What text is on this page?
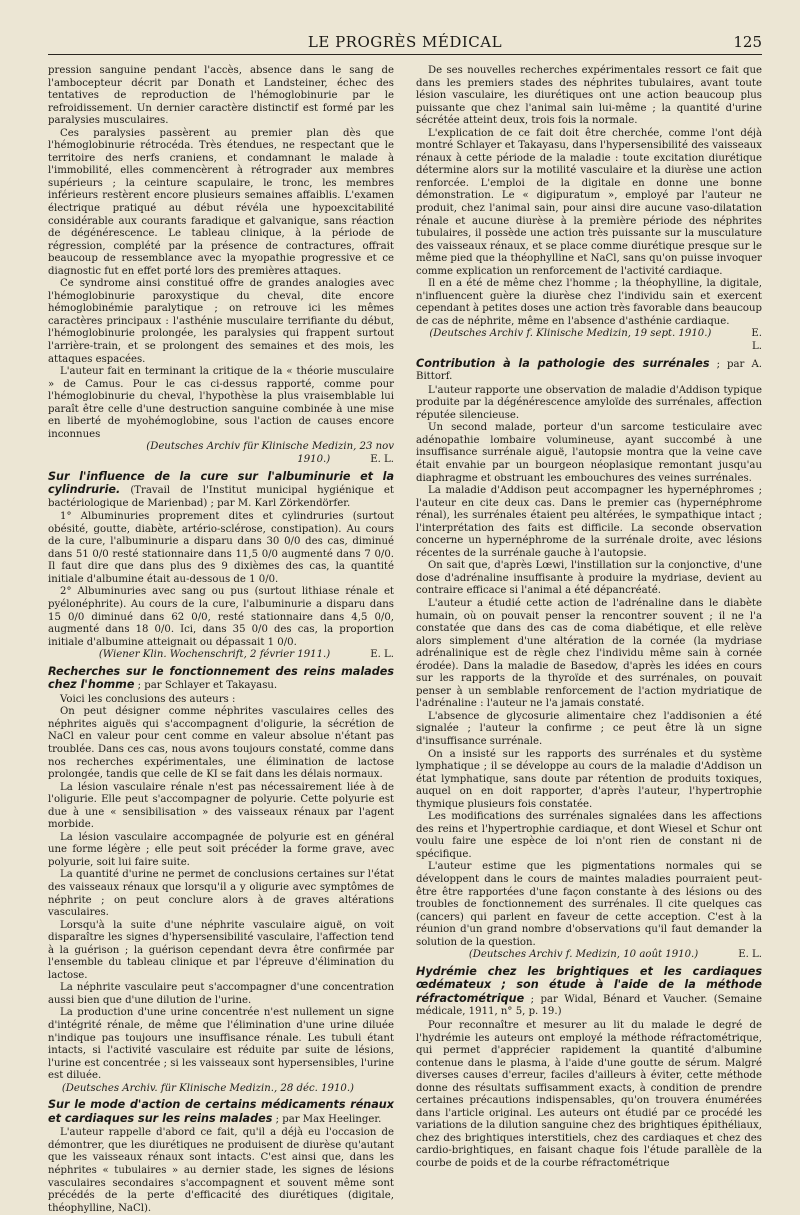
LE PROGRÈS MÉDICAL	125

pression sanguine pendant l'accès, absence dans le sang de l'ambocepteur décrit par Donath et Landsteiner, échec des tentatives de reproduction de l'hémoglobinurie par le refroidissement. Un dernier caractère distinctif est formé par les paralysies musculaires.

Ces paralysies passèrent au premier plan dès que l'hémoglobinurie rétrocéda. Très étendues, ne respectant que le territoire des nerfs craniens, et condamnant le malade à l'immobilité, elles commencèrent à rétrograder aux membres supérieurs ; la ceinture scapulaire, le tronc, les membres inférieurs restèrent encore plusieurs semaines affaiblis. L'examen électrique pratiqué au début révéla une hypoexcitabilité considérable aux courants faradique et galvanique, sans réaction de dégénérescence. Le tableau clinique, à la période de régression, complété par la présence de contractures, offrait beaucoup de ressemblance avec la myopathie progressive et ce diagnostic fut en effet porté lors des premières attaques.

Ce syndrome ainsi constitué offre de grandes analogies avec l'hémoglobinurie paroxystique du cheval, dite encore hémoglobinémie paralytique ; on retrouve ici les mêmes caractères principaux : l'asthénie musculaire terrifiante du début, l'hémoglobinurie prolongée, les paralysies qui frappent surtout l'arrière-train, et se prolongent des semaines et des mois, les attaques espacées.

L'auteur fait en terminant la critique de la « théorie musculaire » de Camus. Pour le cas ci-dessus rapporté, comme pour l'hémoglobinurie du cheval, l'hypothèse la plus vraisemblable lui paraît être celle d'une destruction sanguine combinée à une mise en liberté de myohémoglobine, sous l'action de causes encore inconnues

(Deutsches Archiv für Klinische Medizin, 23 nov 1910.)	E. L.

Sur l'influence de la cure sur l'albuminurie et la cylindrurie. (Travail de l'Institut municipal hygiénique et bactériologique de Marienbad) ; par M. Karl Zörkendörfer.

1° Albuminuries proprement dites et cylindruries (surtout obésité, goutte, diabète, artério-sclérose, constipation). Au cours de la cure, l'albuminurie a disparu dans 30 0/0 des cas, diminué dans 51 0/0 resté stationnaire dans 11,5 0/0 augmenté dans 7 0/0. Il faut dire que dans plus des 9 dixièmes des cas, la quantité initiale d'albumine était au-dessous de 1 0/0.

2° Albuminuries avec sang ou pus (surtout lithiase rénale et pyélonéphrite). Au cours de la cure, l'albuminurie a disparu dans 15 0/0 diminué dans 62 0/0, resté stationnaire dans 4,5 0/0, augmenté dans 18 0/0. Ici, dans 35 0/0 des cas, la proportion initiale d'albumine atteignait ou dépassait 1 0/0.

(Wiener Klin. Wochenschrift, 2 février 1911.)	E. L.

Recherches sur le fonctionnement des reins malades chez l'homme ; par Schlayer et Takayasu.

Voici les conclusions des auteurs :

On peut désigner comme néphrites vasculaires celles des néphrites aiguës qui s'accompagnent d'oligurie, la sécrétion de NaCl en valeur pour cent comme en valeur absolue n'étant pas troublée. Dans ces cas, nous avons toujours constaté, comme dans nos recherches expérimentales, une élimination de lactose prolongée, tandis que celle de KI se fait dans les délais normaux.

La lésion vasculaire rénale n'est pas nécessairement liée à de l'oligurie. Elle peut s'accompagner de polyurie. Cette polyurie est due à une « sensibilisation » des vaisseaux rénaux par l'agent morbide.

La lésion vasculaire accompagnée de polyurie est en général une forme légère ; elle peut soit précéder la forme grave, avec polyurie, soit lui faire suite.

La quantité d'urine ne permet de conclusions certaines sur l'état des vaisseaux rénaux que lorsqu'il a y oligurie avec symptômes de néphrite ; on peut conclure alors à de graves altérations vasculaires.

Lorsqu'à la suite d'une néphrite vasculaire aiguë, on voit disparaître les signes d'hypersensibilité vasculaire, l'affection tend à la guérison ; la guérison cependant devra être confirmée par l'ensemble du tableau clinique et par l'épreuve d'élimination du lactose.

La néphrite vasculaire peut s'accompagner d'une concentration aussi bien que d'une dilution de l'urine.

La production d'une urine concentrée n'est nullement un signe d'intégrité rénale, de même que l'élimination d'une urine diluée n'indique pas toujours une insuffisance rénale. Les tubuli étant intacts, si l'activité vasculaire est réduite par suite de lésions, l'urine est concentrée ; si les vaisseaux sont hypersensibles, l'urine est diluée.

(Deutsches Archiv. für Klinische Medizin., 28 déc. 1910.)

Sur le mode d'action de certains médicaments rénaux et cardiaques sur les reins malades ; par Max Heelinger.

L'auteur rappelle d'abord ce fait, qu'il a déjà eu l'occasion de démontrer, que les diurétiques ne produisent de diurèse qu'autant que les vaisseaux rénaux sont intacts. C'est ainsi que, dans les néphrites « tubulaires » au dernier stade, les signes de lésions vasculaires secondaires s'accompagnent et souvent même sont précédés de la perte d'efficacité des diurétiques (digitale, théophylline, NaCl).

De ses nouvelles recherches expérimentales ressort ce fait que dans les premiers stades des néphrites tubulaires, avant toute lésion vasculaire, les diurétiques ont une action beaucoup plus puissante que chez l'animal sain lui-même ; la quantité d'urine sécrétée atteint deux, trois fois la normale.

L'explication de ce fait doit être cherchée, comme l'ont déjà montré Schlayer et Takayasu, dans l'hypersensibilité des vaisseaux rénaux à cette période de la maladie : toute excitation diurétique détermine alors sur la motilité vasculaire et la diurèse une action renforcée. L'emploi de la digitale en donne une bonne démonstration. Le « digipuratum », employé par l'auteur ne produit, chez l'animal sain, pour ainsi dire aucune vaso-dilatation rénale et aucune diurèse à la première période des néphrites tubulaires, il possède une action très puissante sur la musculature des vaisseaux rénaux, et se place comme diurétique presque sur le même pied que la théophylline et NaCl, sans qu'on puisse invoquer comme explication un renforcement de l'activité cardiaque.

Il en a été de même chez l'homme ; la théophylline, la digitale, n'influencent guère la diurèse chez l'individu sain et exercent cependant à petites doses une action très favorable dans beaucoup de cas de néphrite, même en l'absence d'asthénie cardiaque.

(Deutsches Archiv f. Klinische Medizin, 19 sept. 1910.)	E. L.

Contribution à la pathologie des surrénales ; par A. Bittorf.

L'auteur rapporte une observation de maladie d'Addison typique produite par la dégénérescence amyloïde des surrénales, affection réputée silencieuse.

Un second malade, porteur d'un sarcome testiculaire avec adénopathie lombaire volumineuse, ayant succombé à une insuffisance surrénale aiguë, l'autopsie montra que la veine cave était envahie par un bourgeon néoplasique remontant jusqu'au diaphragme et obstruant les embouchures des veines surrénales.

La maladie d'Addison peut accompagner les hypernéphromes ; l'auteur en cite deux cas. Dans le premier cas (hypernéphrome rénal), les surrénales étaient peu altérées, le sympathique intact ; l'interprétation des faits est difficile. La seconde observation concerne un hypernéphrome de la surrénale droite, avec lésions récentes de la surrénale gauche à l'autopsie.

On sait que, d'après Lœwi, l'instillation sur la conjonctive, d'une dose d'adrénaline insuffisante à produire la mydriase, devient au contraire efficace si l'animal a été dépancréaté.

L'auteur a étudié cette action de l'adrénaline dans le diabète humain, où on pouvait penser la rencontrer souvent ; il ne l'a constatée que dans des cas de coma diabétique, et elle relève alors simplement d'une altération de la cornée (la mydriase adrénalinique est de règle chez l'individu même sain à cornée érodée). Dans la maladie de Basedow, d'après les idées en cours sur les rapports de la thyroïde et des surrénales, on pouvait penser à un semblable renforcement de l'action mydriatique de l'adrénaline : l'auteur ne l'a jamais constaté.

L'absence de glycosurie alimentaire chez l'addisonien a été signalée ; l'auteur la confirme ; ce peut être là un signe d'insuffisance surrénale.

On a insisté sur les rapports des surrénales et du système lymphatique ; il se développe au cours de la maladie d'Addison un état lymphatique, sans doute par rétention de produits toxiques, auquel on en doit rapporter, d'après l'auteur, l'hypertrophie thymique plusieurs fois constatée.

Les modifications des surrénales signalées dans les affections des reins et l'hypertrophie cardiaque, et dont Wiesel et Schur ont voulu faire une espèce de loi n'ont rien de constant ni de spécifique.

L'auteur estime que les pigmentations normales qui se développent dans le cours de maintes maladies pourraient peut-être être rapportées d'une façon constante à des lésions ou des troubles de fonctionnement des surrénales. Il cite quelques cas (cancers) qui parlent en faveur de cette acception. C'est à la réunion d'un grand nombre d'observations qu'il faut demander la solution de la question.

(Deutsches Archiv f. Medizin, 10 août 1910.)	E. L.

Hydrémie chez les brightiques et les cardiaques œdémateux ; son étude à l'aide de la méthode réfractométrique ; par Widal, Bénard et Vaucher. (Semaine médicale, 1911, n° 5, p. 19.)

Pour reconnaître et mesurer au lit du malade le degré de l'hydrémie les auteurs ont employé la méthode réfractométrique, qui permet d'apprécier rapidement la quantité d'albumine contenue dans le plasma, à l'aide d'une goutte de sérum. Malgré diverses causes d'erreur, faciles d'ailleurs à éviter, cette méthode donne des résultats suffisamment exacts, à condition de prendre certaines précautions indispensables, qu'on trouvera énumérées dans l'article original. Les auteurs ont étudié par ce procédé les variations de la dilution sanguine chez des brightiques épithéliaux, chez des brightiques interstitiels, chez des cardiaques et chez des cardio-brightiques, en faisant chaque fois l'étude parallèle de la courbe de poids et de la courbe réfractométrique
